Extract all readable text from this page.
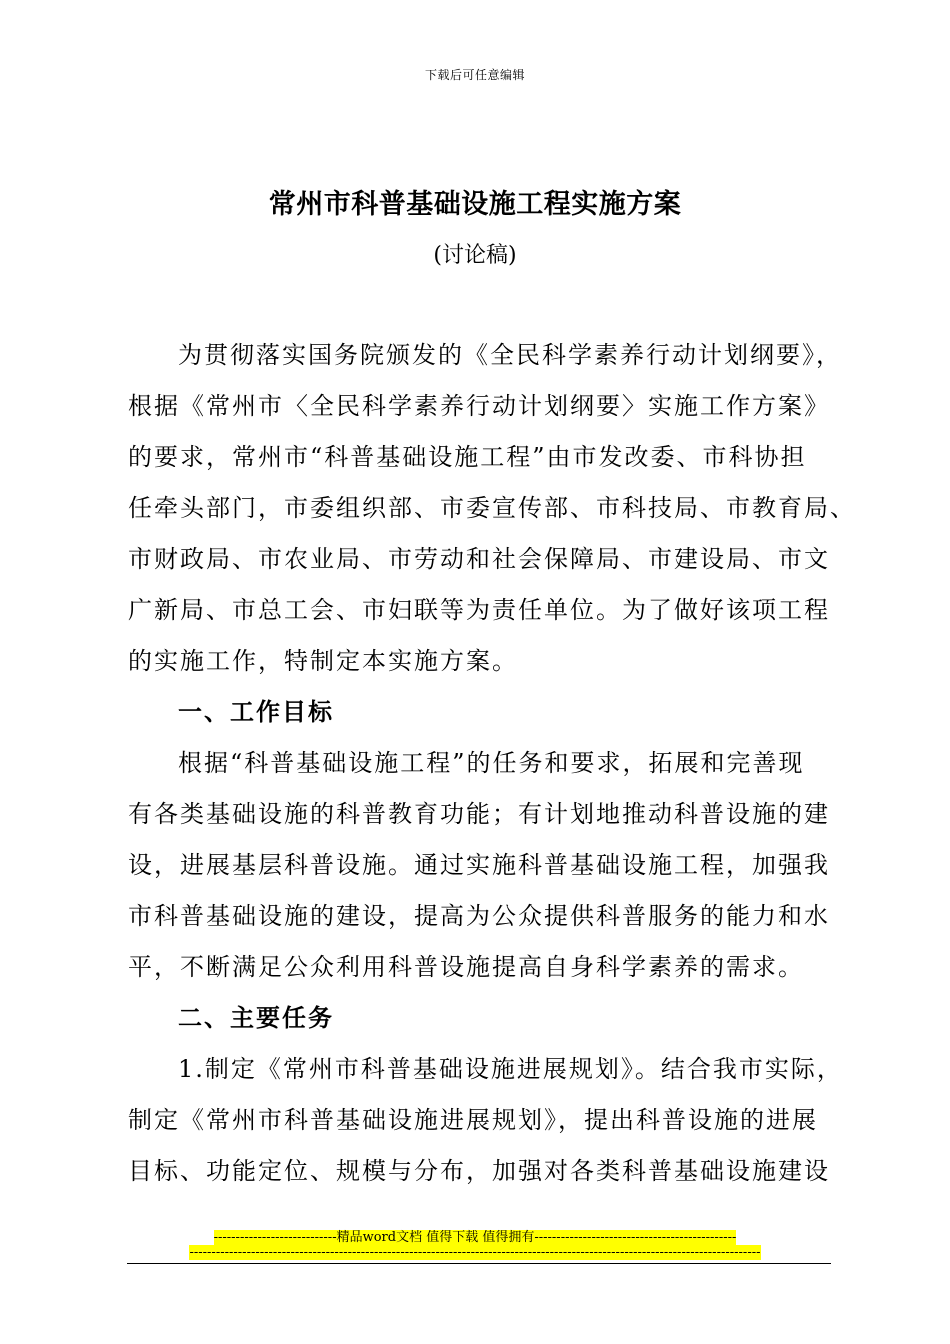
下载后可任意编辑
常州市科普基础设施工程实施方案
(讨论稿)
为贯彻落实国务院颁发的《全民科学素养行动计划纲要》，
根据《常州市〈全民科学素养行动计划纲要〉实施工作方案》
的要求，常州市“科普基础设施工程”由市发改委、市科协担
任牵头部门，市委组织部、市委宣传部、市科技局、市教育局、
市财政局、市农业局、市劳动和社会保障局、市建设局、市文
广新局、市总工会、市妇联等为责任单位。为了做好该项工程
的实施工作，特制定本实施方案。
一、工作目标
根据“科普基础设施工程”的任务和要求，拓展和完善现
有各类基础设施的科普教育功能；有计划地推动科普设施的建
设，进展基层科普设施。通过实施科普基础设施工程，加强我
市科普基础设施的建设，提高为公众提供科普服务的能力和水
平，不断满足公众利用科普设施提高自身科学素养的需求。
二、主要任务
1.制定《常州市科普基础设施进展规划》。结合我市实际，
制定《常州市科普基础设施进展规划》，提出科普设施的进展
目标、功能定位、规模与分布，加强对各类科普基础设施建设
----------------------------精品word文档 值得下载 值得拥有----------------------------------------------
----------------------------------------------------------------------------------------------------------------------------------
